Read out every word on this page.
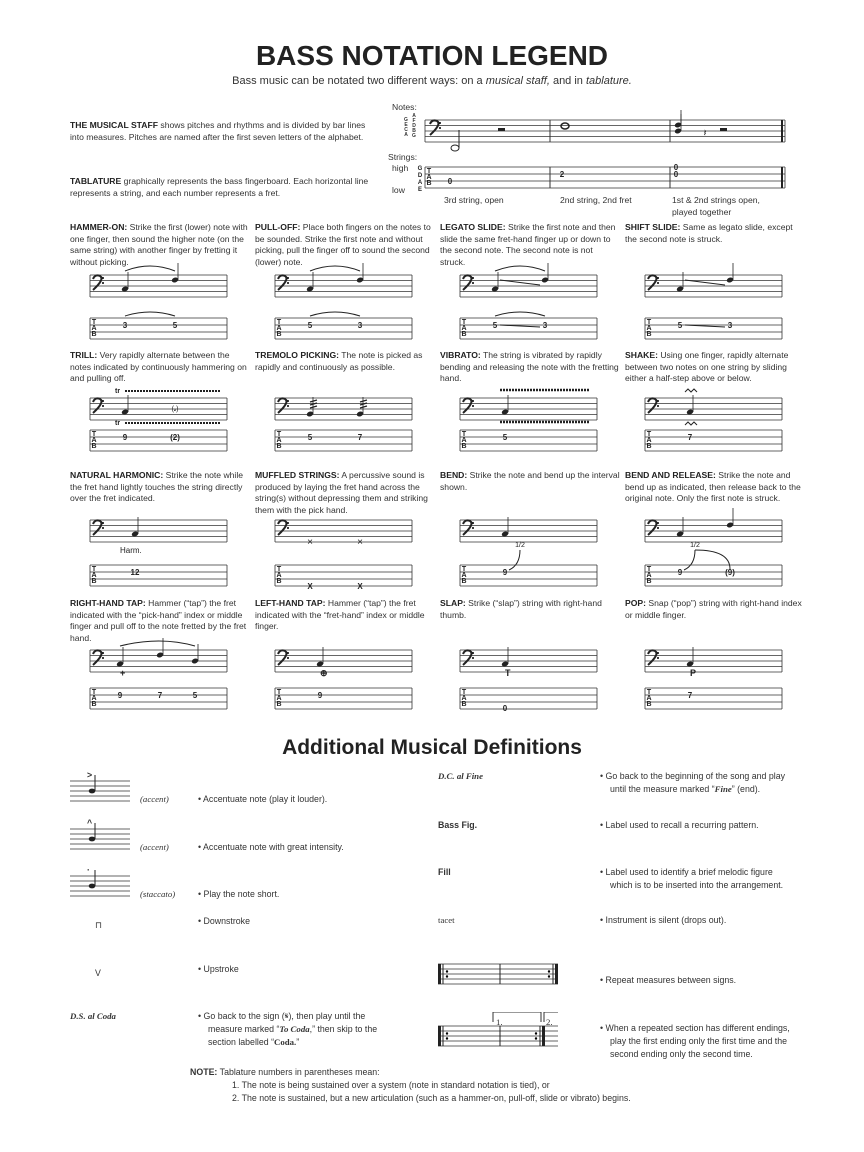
BASS NOTATION LEGEND
Bass music can be notated two different ways: on a musical staff, and in tablature.
THE MUSICAL STAFF shows pitches and rhythms and is divided by bar lines into measures. Pitches are named after the first seven letters of the alphabet.
TABLATURE graphically represents the bass fingerboard. Each horizontal line represents a string, and each number represents a fret.
Notes:
Strings:
high
low
G E C A
A F D B G	𝄽
T
A
B
G
D
A
E
0
2
0
0
3rd string, open	2nd string, 2nd fret	1st & 2nd strings open, played together
HAMMER-ON: Strike the first (lower) note with one finger, then sound the higher note (on the same string) with another finger by fretting it without picking.
T
A
B
3	5
PULL-OFF: Place both fingers on the notes to be sounded. Strike the first note and without picking, pull the finger off to sound the second (lower) note.
T
A
B
5	3
LEGATO SLIDE: Strike the first note and then slide the same fret-hand finger up or down to the second note. The second note is not struck.
T
A
B
5	3
SHIFT SLIDE: Same as legato slide, except the second note is struck.
T
A
B
5	3
TRILL: Very rapidly alternate between the notes indicated by continuously hammering on and pulling off.
T
A
B
9
(𝅘)
(2)
tr
tr
TREMOLO PICKING: The note is picked as rapidly and continuously as possible.
T
A
B
5	7
VIBRATO: The string is vibrated by rapidly bending and releasing the note with the fretting hand.
T
A
B
5
SHAKE: Using one finger, rapidly alternate between two notes on one string by sliding either a half-step above or below.
T
A
B
7
NATURAL HARMONIC: Strike the note while the fret hand lightly touches the string directly over the fret indicated.
T
A
B
12
Harm.
MUFFLED STRINGS: A percussive sound is produced by laying the fret hand across the string(s) without depressing them and striking them with the pick hand.
T
A
B
×
X
×
X
BEND: Strike the note and bend up the interval shown.
T
A
B
9
1/2
BEND AND RELEASE: Strike the note and bend up as indicated, then release back to the original note. Only the first note is struck.
T
A
B
9	(9)
1/2
RIGHT-HAND TAP: Hammer (“tap”) the fret indicated with the “pick-hand” index or middle finger and pull off to the note fretted by the fret hand.
T
A
B
9	7	5
+
LEFT-HAND TAP: Hammer (“tap”) the fret indicated with the “fret-hand” index or middle finger.
T
A
B
9
⊕
SLAP: Strike (“slap”) string with right-hand thumb.
T
A
B	0
T
POP: Snap (“pop”) string with right-hand index or middle finger.
T
A
B
7
P
Additional Musical Definitions
>
(accent)	• Accentuate note (play it louder).
^
(accent)	• Accentuate note with great intensity.
·
(staccato)	• Play the note short.
⊓	• Downstroke
V	• Upstroke
D.S. al Coda	• Go back to the sign (𝄋), then play until the measure marked “To Coda,” then skip to the section labelled “Coda.”
D.C. al Fine	• Go back to the beginning of the song and play until the measure marked “Fine” (end).
Bass Fig.	• Label used to recall a recurring pattern.
Fill	• Label used to identify a brief melodic figure which is to be inserted into the arrangement.
tacet	• Instrument is silent (drops out).
• Repeat measures between signs.
• When a repeated section has different endings, play the first ending only the first time and the second ending only the second time.
1.	2.
NOTE: Tablature numbers in parentheses mean:
1. The note is being sustained over a system (note in standard notation is tied), or
2. The note is sustained, but a new articulation (such as a hammer-on, pull-off, slide or vibrato) begins.
